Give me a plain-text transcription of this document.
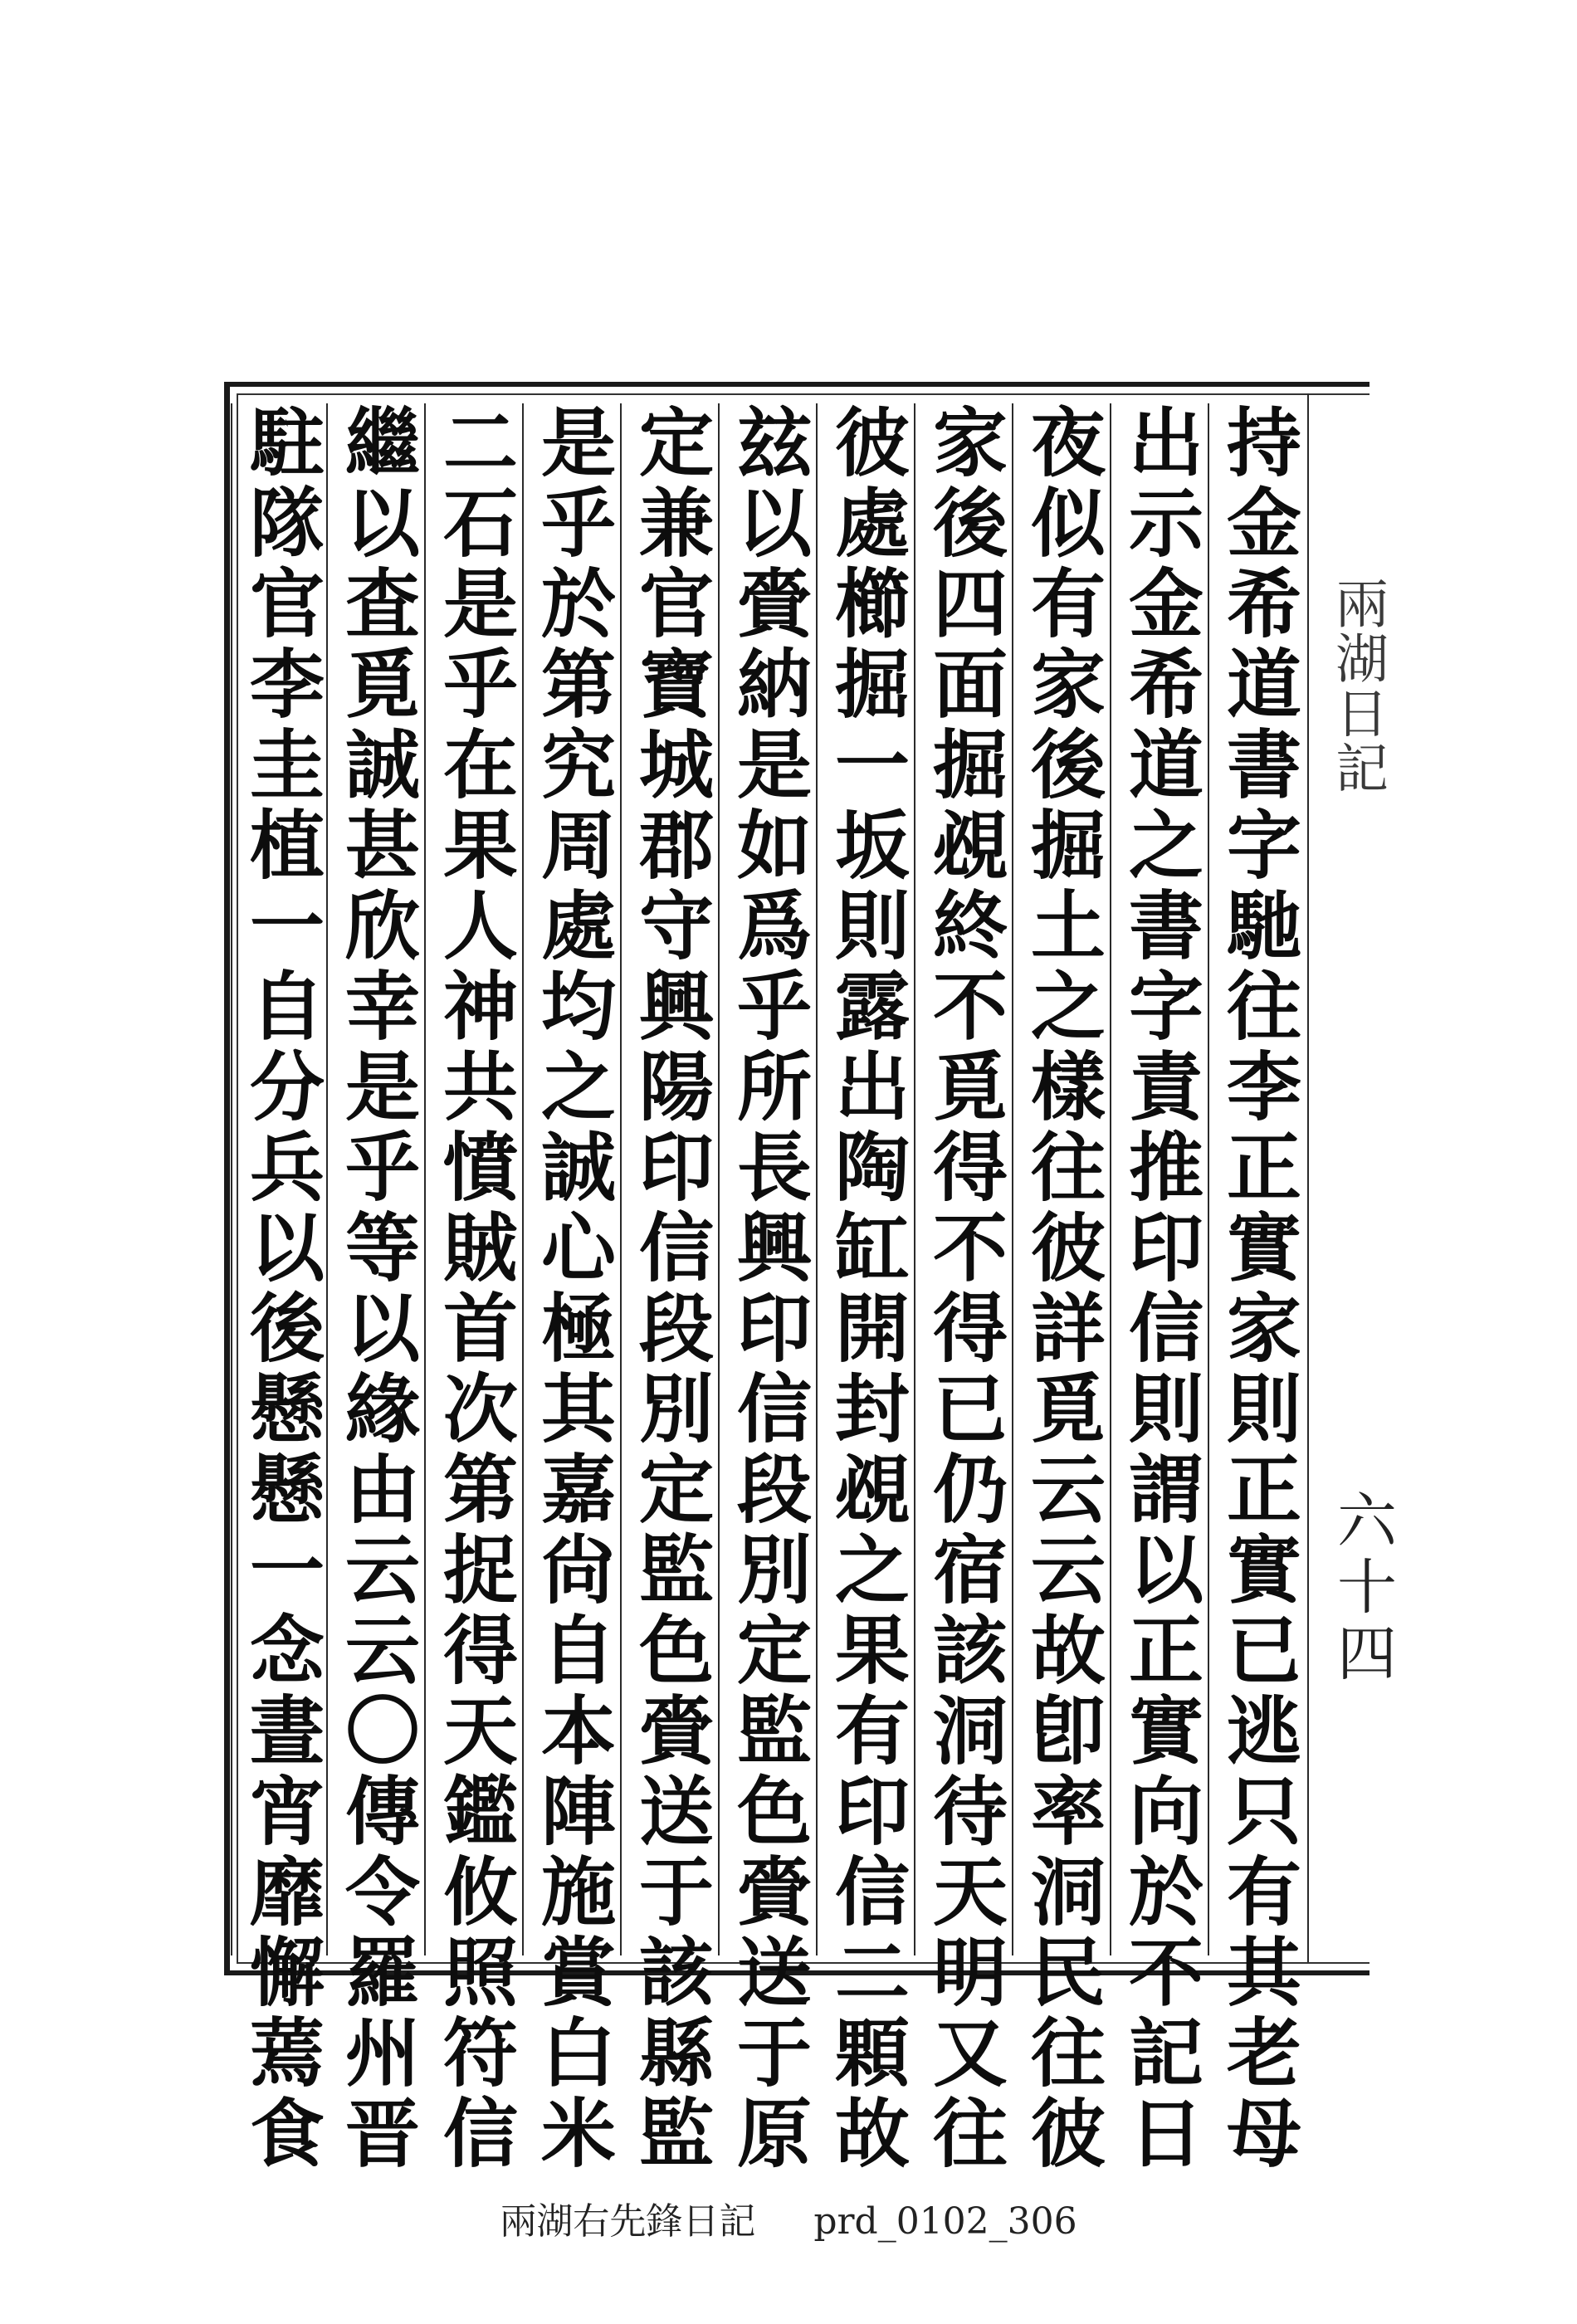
持金希道書字馳往李正實家則正實已逃只有其老母
出示金希道之書字責推印信則謂以正實向於不記日
夜似有家後掘土之樣往彼詳覓云云故卽率洞民往彼
家後四面掘覕終不覓得不得已仍宿該洞待天明又往
彼處櫛掘一坂則露出陶缸開封覕之果有印信二顆故
玆以賫納是如爲乎所長興印信段別定監色賫送于原
定兼官寶城郡守興陽印信段別定監色賫送于該縣監
是乎於第究周處均之誠心極其嘉尙自本陣施賞白米
二石是乎在果人神共憤賊首次第捉得天鑑攸照符信
繼以査覓誠甚欣幸是乎等以緣由云云〇傳令羅州晋
駐隊官李圭植一自分兵以後懸懸一念晝宵靡懈蔫食	兩湖日記
六十四
兩湖右先鋒日記 prd_0102_306
